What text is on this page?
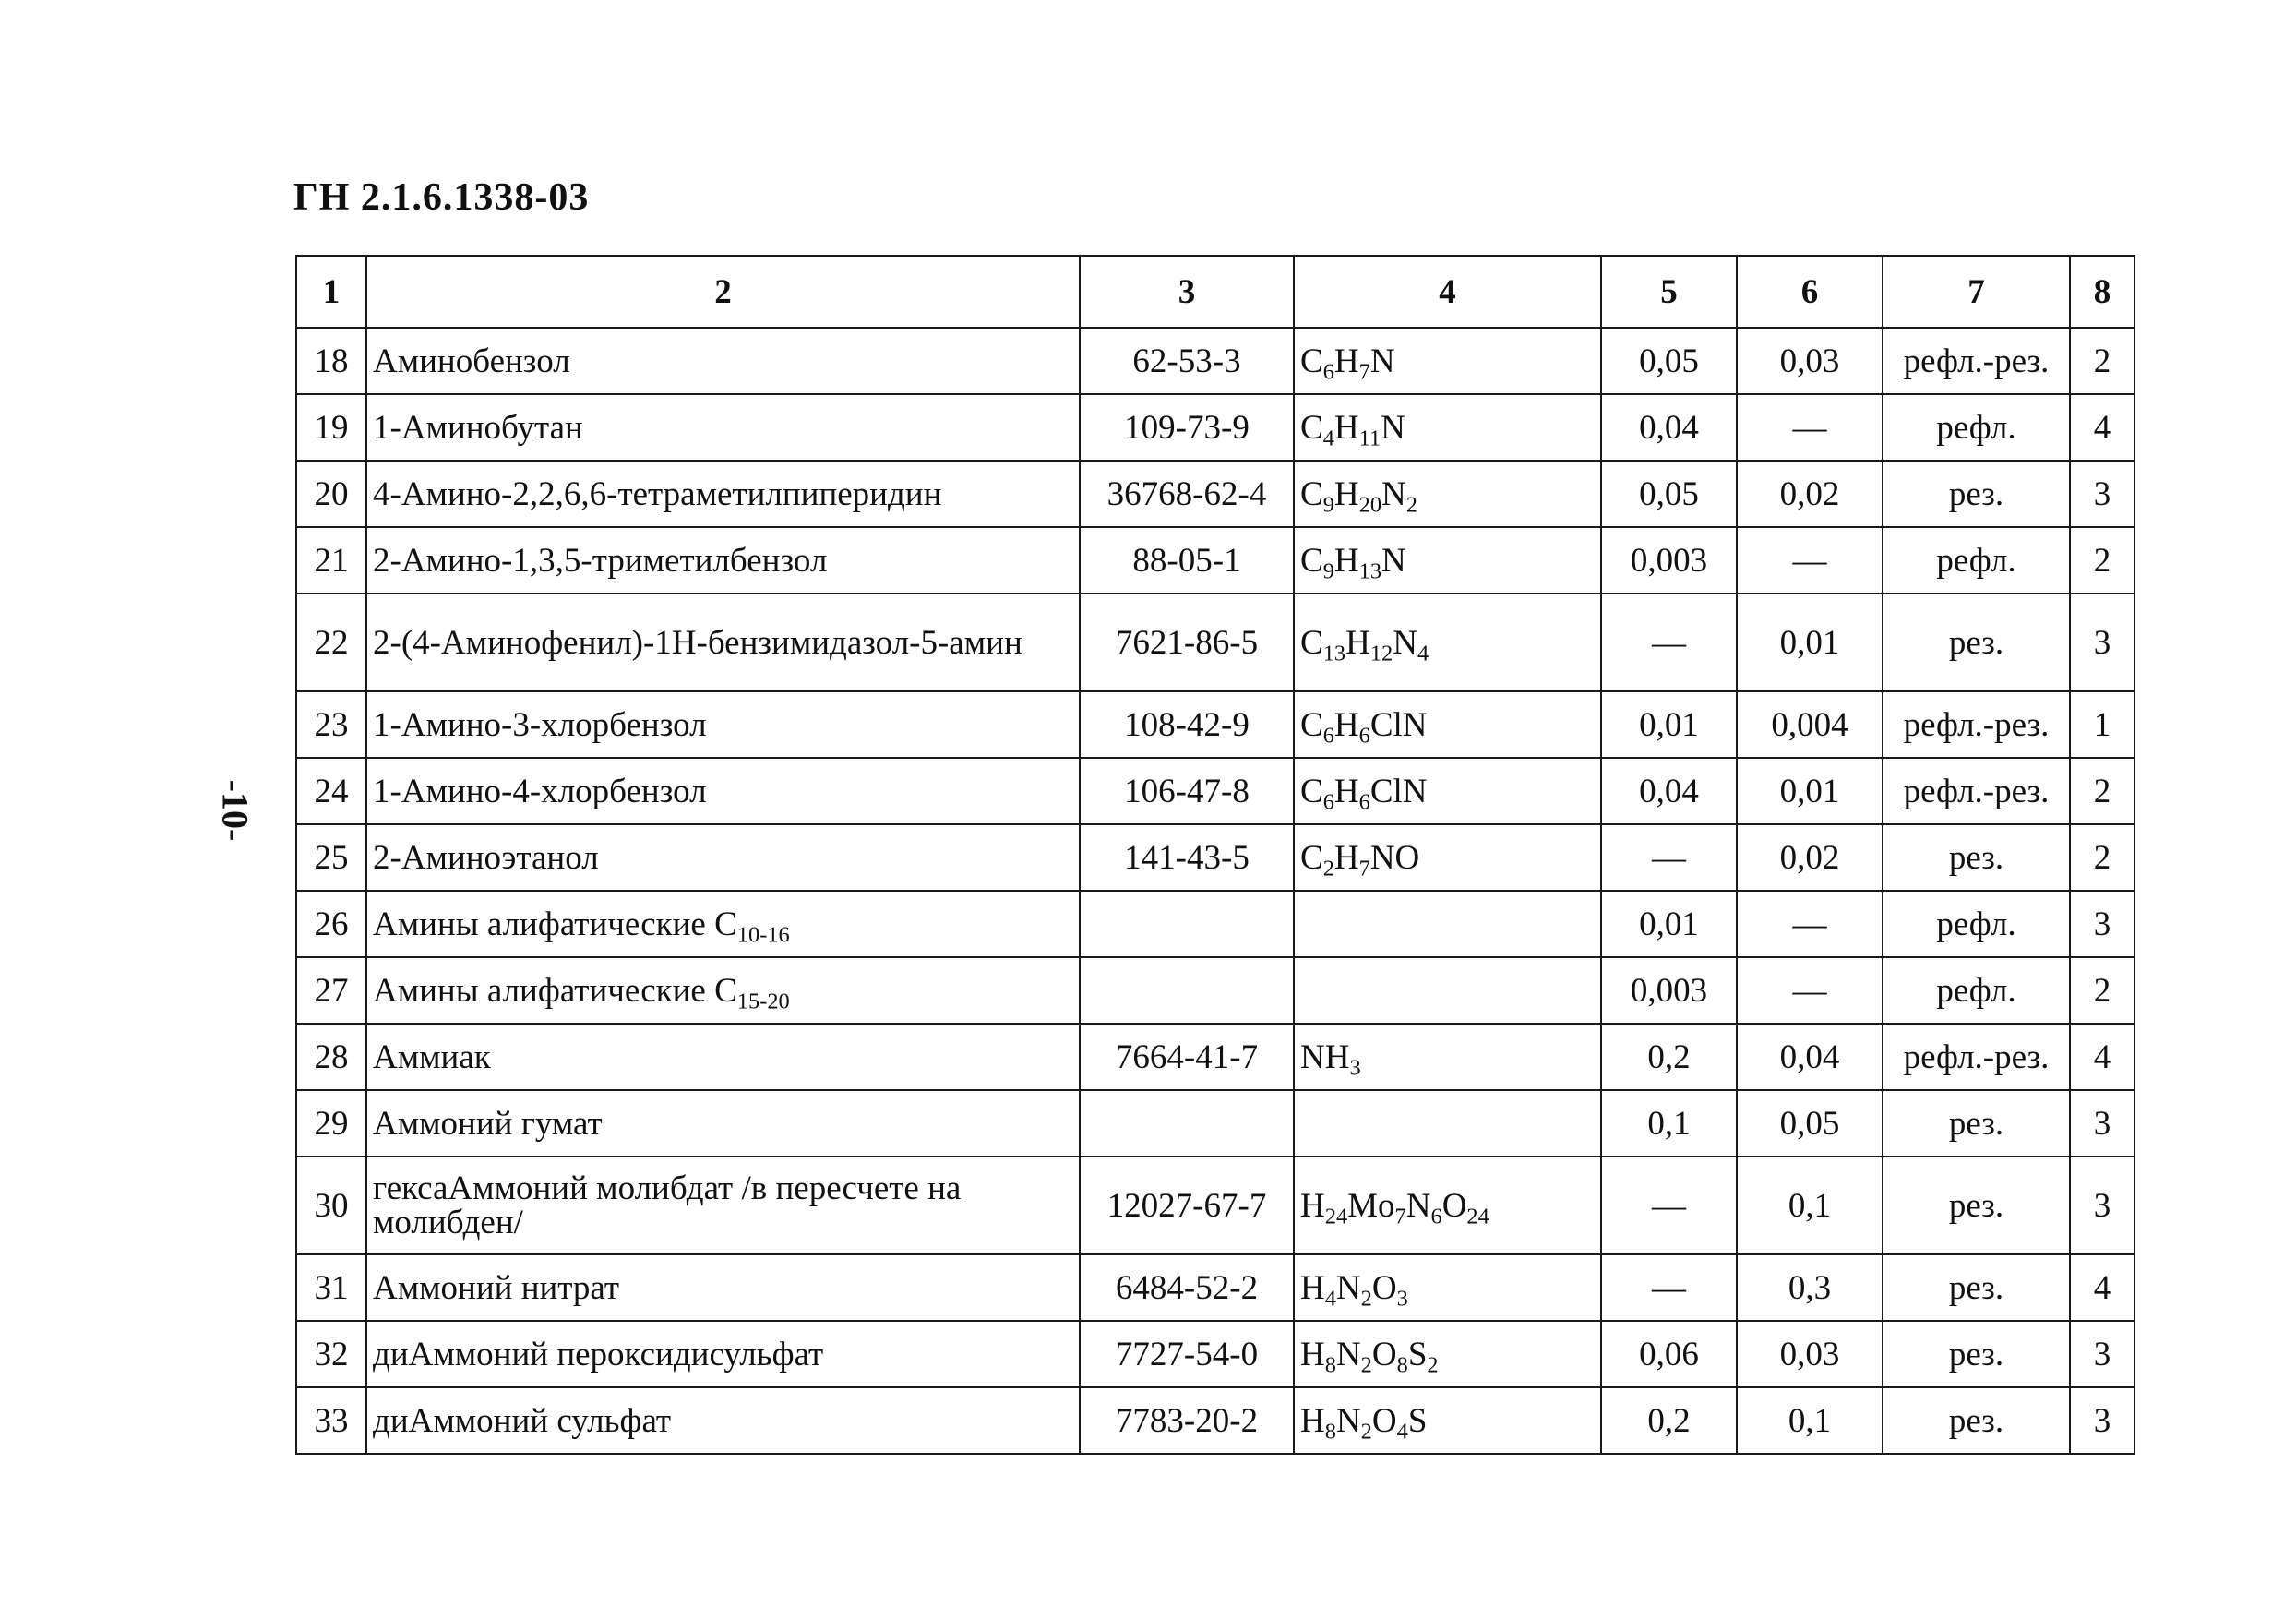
ГН 2.1.6.1338-03
-10-
1	2	3	4	5	6	7	8
18	Аминобензол	62-53-3	$C_6H_7N$	0,05	0,03	рефл.-рез.	2
19	1-Аминобутан	109-73-9	$C_4H_{11}N$	0,04	—	рефл.	4
20	4-Амино-2,2,6,6-тетраметилпиперидин	36768-62-4	$C_9H_{20}N_2$	0,05	0,02	рез.	3
21	2-Амино-1,3,5-триметилбензол	88-05-1	$C_9H_{13}N$	0,003	—	рефл.	2
22	2-(4-Аминофенил)-1Н-бензимидазол-5-амин	7621-86-5	$C_{13}H_{12}N_4$	—	0,01	рез.	3
23	1-Амино-3-хлорбензол	108-42-9	$C_6H_6ClN$	0,01	0,004	рефл.-рез.	1
24	1-Амино-4-хлорбензол	106-47-8	$C_6H_6ClN$	0,04	0,01	рефл.-рез.	2
25	2-Аминоэтанол	141-43-5	$C_2H_7NO$	—	0,02	рез.	2
26	Амины алифатические $C_{10-16}$			0,01	—	рефл.	3
27	Амины алифатические $C_{15-20}$			0,003	—	рефл.	2
28	Аммиак	7664-41-7	$NH_3$	0,2	0,04	рефл.-рез.	4
29	Аммоний гумат			0,1	0,05	рез.	3
30	гексаАммоний молибдат /в пересчете на молибден/	12027-67-7	$H_{24}Mo_7N_6O_{24}$	—	0,1	рез.	3
31	Аммоний нитрат	6484-52-2	$H_4N_2O_3$	—	0,3	рез.	4
32	диАммоний пероксидисульфат	7727-54-0	$H_8N_2O_8S_2$	0,06	0,03	рез.	3
33	диАммоний сульфат	7783-20-2	$H_8N_2O_4S$	0,2	0,1	рез.	3
